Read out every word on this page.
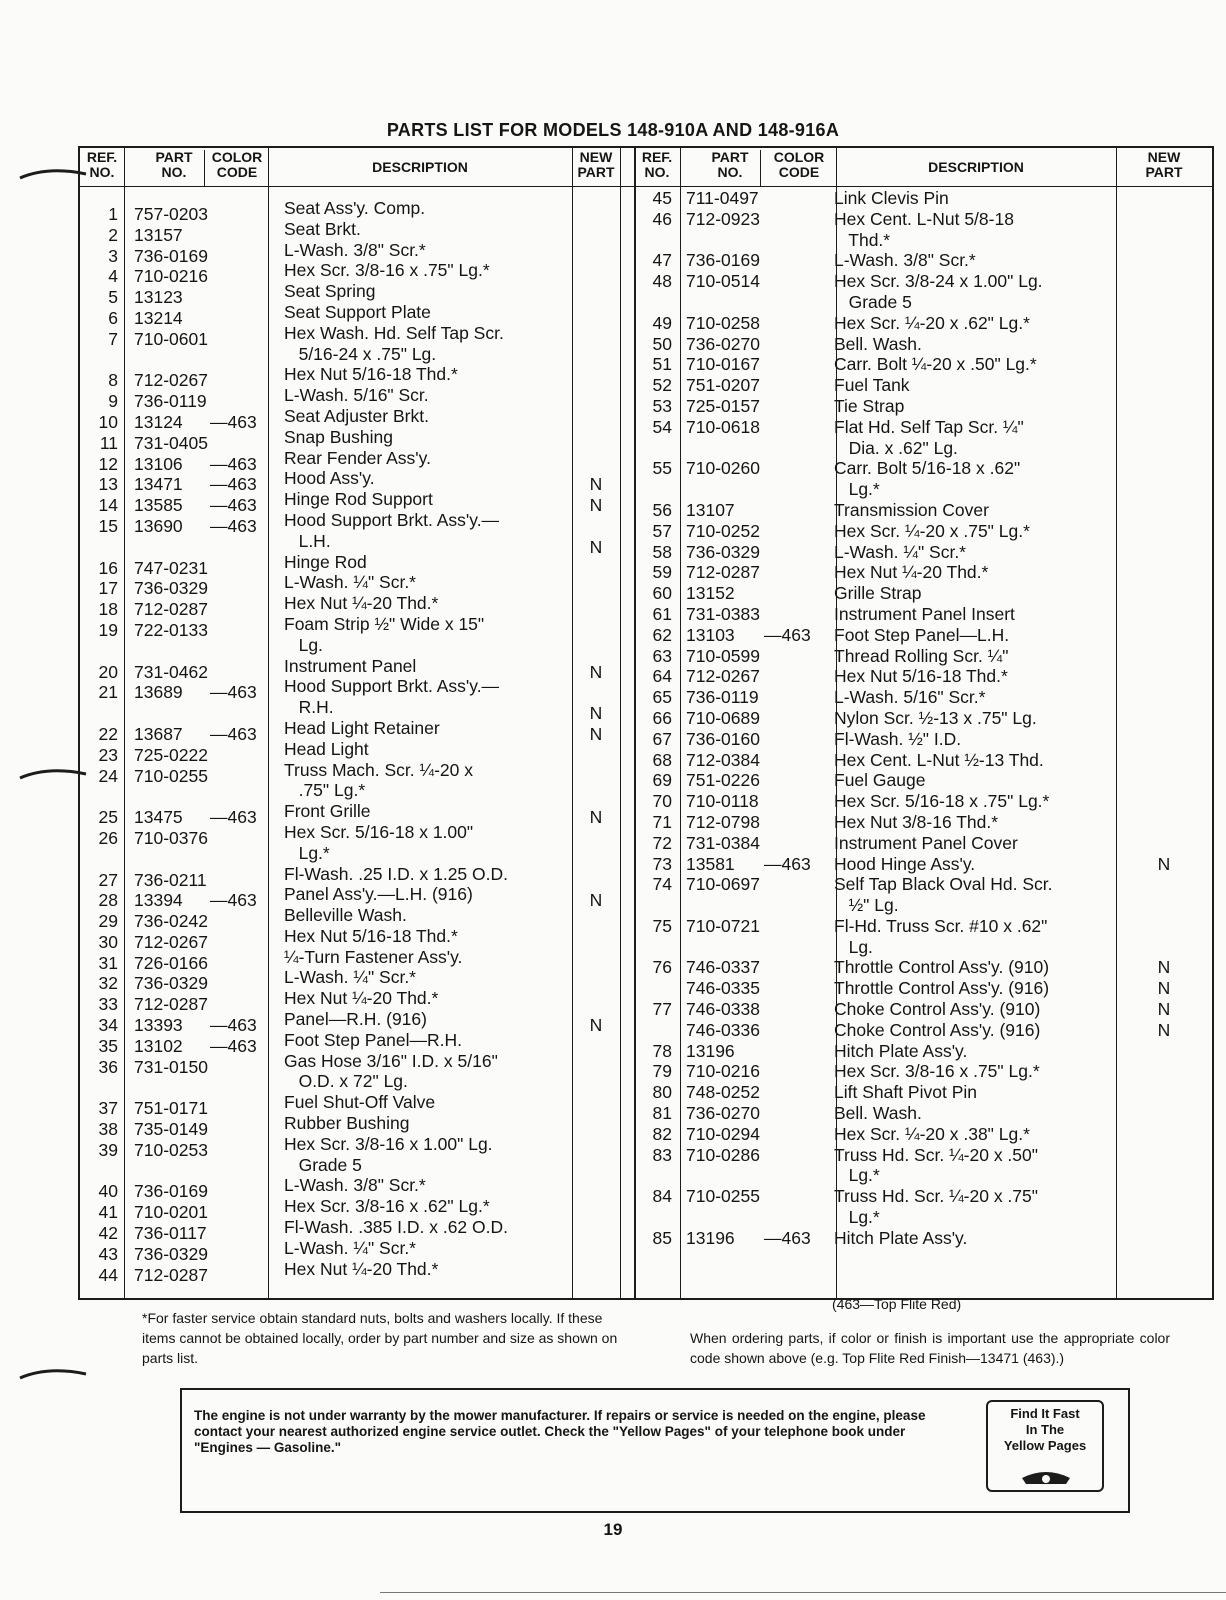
PARTS LIST FOR MODELS 148-910A AND 148-916A
REF.
NO.
PART
NO.
COLOR
CODE	DESCRIPTION
NEW
PART
REF.
NO.
PART
NO.
COLOR
CODE	DESCRIPTION
NEW
PART
1
2
3
4
5
6
7
8
9
10
11
12
13
14
15
16
17
18
19
20
21
22
23
24
25
26
27
28
29
30
31
32
33
34
35
36
37
38
39
40
41
42
43
44
757-0203
13157
736-0169
710-0216
13123
13214
710-0601
712-0267
736-0119
13124
731-0405
13106
13471
13585
13690
747-0231
736-0329
712-0287
722-0133
731-0462
13689
13687
725-0222
710-0255
13475
710-0376
736-0211
13394
736-0242
712-0267
726-0166
736-0329
712-0287
13393
13102
731-0150
751-0171
735-0149
710-0253
736-0169
710-0201
736-0117
736-0329
712-0287
—463
—463
—463
—463
—463
—463
—463
—463
—463
—463
—463
Seat Ass'y. Comp.
Seat Brkt.
L-Wash. 3/8" Scr.*
Hex Scr. 3/8-16 x .75" Lg.*
Seat Spring
Seat Support Plate
Hex Wash. Hd. Self Tap Scr.
5/16-24 x .75" Lg.
Hex Nut 5/16-18 Thd.*
L-Wash. 5/16" Scr.
Seat Adjuster Brkt.
Snap Bushing
Rear Fender Ass'y.
Hood Ass'y.
Hinge Rod Support
Hood Support Brkt. Ass'y.—
L.H.
Hinge Rod
L-Wash. ¼" Scr.*
Hex Nut ¼-20 Thd.*
Foam Strip ½" Wide x 15"
Lg.
Instrument Panel
Hood Support Brkt. Ass'y.—
R.H.
Head Light Retainer
Head Light
Truss Mach. Scr. ¼-20 x
.75" Lg.*
Front Grille
Hex Scr. 5/16-18 x 1.00"
Lg.*
Fl-Wash. .25 I.D. x 1.25 O.D.
Panel Ass'y.—L.H. (916)
Belleville Wash.
Hex Nut 5/16-18 Thd.*
¼-Turn Fastener Ass'y.
L-Wash. ¼" Scr.*
Hex Nut ¼-20 Thd.*
Panel—R.H. (916)
Foot Step Panel—R.H.
Gas Hose 3/16" I.D. x 5/16"
O.D. x 72" Lg.
Fuel Shut-Off Valve
Rubber Bushing
Hex Scr. 3/8-16 x 1.00" Lg.
Grade 5
L-Wash. 3/8" Scr.*
Hex Scr. 3/8-16 x .62" Lg.*
Fl-Wash. .385 I.D. x .62 O.D.
L-Wash. ¼" Scr.*
Hex Nut ¼-20 Thd.*
N
N
N
N
N
N
N
N
N
45
46
47
48
49
50
51
52
53
54
55
56
57
58
59
60
61
62
63
64
65
66
67
68
69
70
71
72
73
74
75
76
77
78
79
80
81
82
83
84
85
711-0497
712-0923
736-0169
710-0514
710-0258
736-0270
710-0167
751-0207
725-0157
710-0618
710-0260
13107
710-0252
736-0329
712-0287
13152
731-0383
13103
710-0599
712-0267
736-0119
710-0689
736-0160
712-0384
751-0226
710-0118
712-0798
731-0384
13581
710-0697
710-0721
746-0337
746-0335
746-0338
746-0336
13196
710-0216
748-0252
736-0270
710-0294
710-0286
710-0255
13196
—463
—463
—463
Link Clevis Pin
Hex Cent. L-Nut 5/8-18
Thd.*
L-Wash. 3/8" Scr.*
Hex Scr. 3/8-24 x 1.00" Lg.
Grade 5
Hex Scr. ¼-20 x .62" Lg.*
Bell. Wash.
Carr. Bolt ¼-20 x .50" Lg.*
Fuel Tank
Tie Strap
Flat Hd. Self Tap Scr. ¼"
Dia. x .62" Lg.
Carr. Bolt 5/16-18 x .62"
Lg.*
Transmission Cover
Hex Scr. ¼-20 x .75" Lg.*
L-Wash. ¼" Scr.*
Hex Nut ¼-20 Thd.*
Grille Strap
Instrument Panel Insert
Foot Step Panel—L.H.
Thread Rolling Scr. ¼"
Hex Nut 5/16-18 Thd.*
L-Wash. 5/16" Scr.*
Nylon Scr. ½-13 x .75" Lg.
Fl-Wash. ½" I.D.
Hex Cent. L-Nut ½-13 Thd.
Fuel Gauge
Hex Scr. 5/16-18 x .75" Lg.*
Hex Nut 3/8-16 Thd.*
Instrument Panel Cover
Hood Hinge Ass'y.
Self Tap Black Oval Hd. Scr.
½" Lg.
Fl-Hd. Truss Scr. #10 x .62"
Lg.
Throttle Control Ass'y. (910)
Throttle Control Ass'y. (916)
Choke Control Ass'y. (910)
Choke Control Ass'y. (916)
Hitch Plate Ass'y.
Hex Scr. 3/8-16 x .75" Lg.*
Lift Shaft Pivot Pin
Bell. Wash.
Hex Scr. ¼-20 x .38" Lg.*
Truss Hd. Scr. ¼-20 x .50"
Lg.*
Truss Hd. Scr. ¼-20 x .75"
Lg.*
Hitch Plate Ass'y.
N
N
N
N
N
*For faster service obtain standard nuts, bolts and washers locally. If these items cannot be obtained locally, order by part number and size as shown on parts list.
(463—Top Flite Red)
When ordering parts, if color or finish is important use the appropriate color code shown above (e.g. Top Flite Red Finish—13471 (463).)
The engine is not under warranty by the mower manufacturer. If repairs or service is needed on the engine, please contact your nearest authorized engine service outlet. Check the "Yellow Pages" of your telephone book under "Engines — Gasoline."
Find It Fast
In The
Yellow Pages
19
